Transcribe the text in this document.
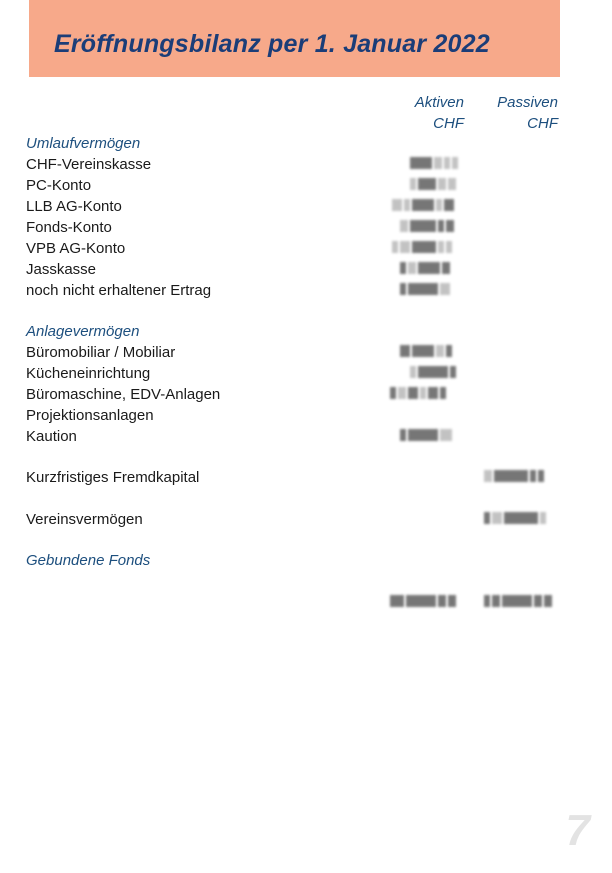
Eröffnungsbilanz per 1. Januar 2022
Aktiven
CHF
Passiven
CHF
Umlaufvermögen
CHF-Vereinskasse
PC-Konto
LLB AG-Konto
Fonds-Konto
VPB AG-Konto
Jasskasse
noch nicht erhaltener Ertrag
Anlagevermögen
Büromobiliar / Mobiliar
Kücheneinrichtung
Büromaschine, EDV-Anlagen
Projektionsanlagen
Kaution
Kurzfristiges Fremdkapital
Vereinsvermögen
Gebundene Fonds
7
